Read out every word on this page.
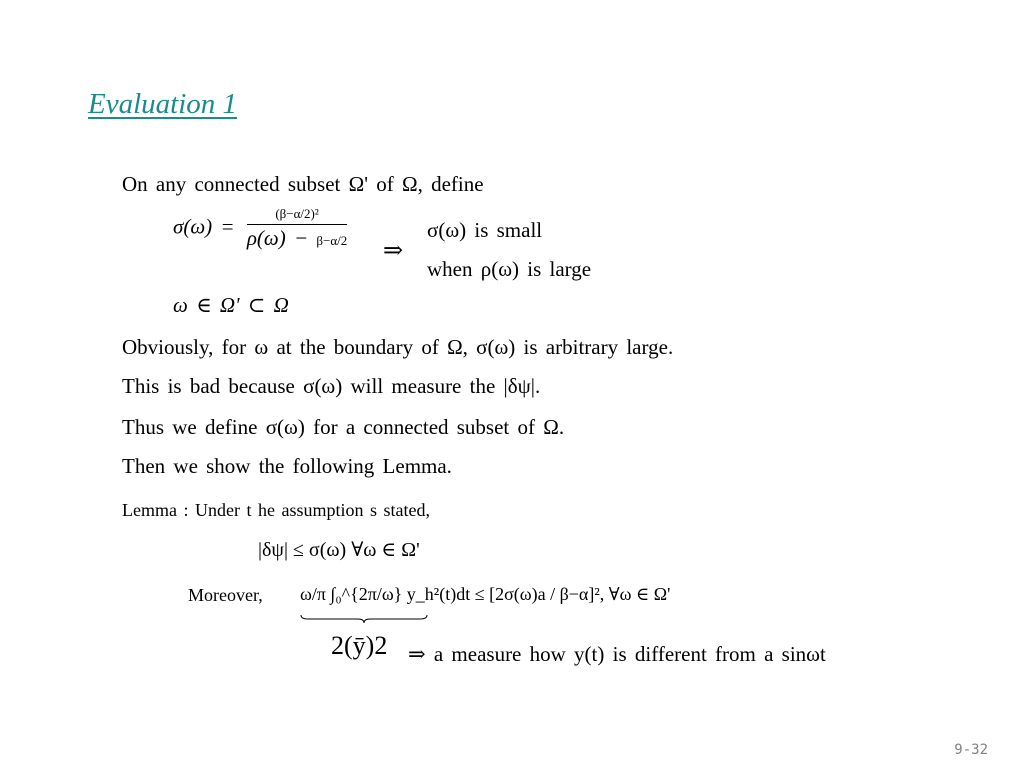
Evaluation 1
On any connected subset Ω' of Ω, define
$\sigma(\omega) = \frac{\text{(β−α/2)²}}{\rho(\omega) - \beta-\alpha/2}$ ⇒
σ(ω) is small
when ρ(ω) is large
ω ∈ Ω' ⊂ Ω
Obviously, for ω at the boundary of Ω, σ(ω) is arbitrary large.
This is bad because σ(ω) will measure the |δψ|.
Thus we define σ(ω) for a connected subset of Ω.
Then we show the following Lemma.
Lemma : Under t he assumption s stated,
|δψ| ≤ σ(ω) ∀ω ∈ Ω'
Moreover, ω/π ∫₀^{2π/ω} y_h²(t)dt ≤ [2σ(ω)a / β−α]², ∀ω ∈ Ω'
2(ȳ)2 ⇒ a measure how y(t) is different from a sinωt
9-32
